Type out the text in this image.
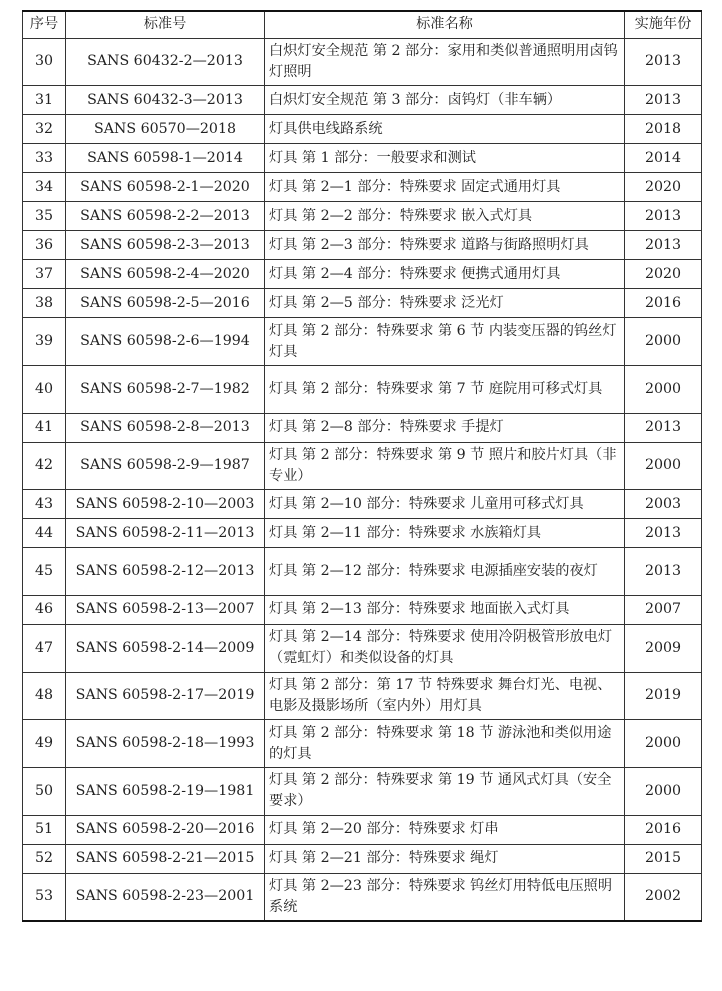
序号	标准号	标准名称	实施年份
30	SANS 60432-2—2013	白炽灯安全规范 第 2 部分：家用和类似普通照明用卤钨灯照明	2013
31	SANS 60432-3—2013	白炽灯安全规范 第 3 部分：卤钨灯（非车辆）	2013
32	SANS 60570—2018	灯具供电线路系统	2018
33	SANS 60598-1—2014	灯具 第 1 部分：一般要求和测试	2014
34	SANS 60598-2-1—2020	灯具 第 2—1 部分：特殊要求 固定式通用灯具	2020
35	SANS 60598-2-2—2013	灯具 第 2—2 部分：特殊要求 嵌入式灯具	2013
36	SANS 60598-2-3—2013	灯具 第 2—3 部分：特殊要求 道路与街路照明灯具	2013
37	SANS 60598-2-4—2020	灯具 第 2—4 部分：特殊要求 便携式通用灯具	2020
38	SANS 60598-2-5—2016	灯具 第 2—5 部分：特殊要求 泛光灯	2016
39	SANS 60598-2-6—1994	灯具 第 2 部分：特殊要求 第 6 节 内装变压器的钨丝灯灯具	2000
40	SANS 60598-2-7—1982	灯具 第 2 部分：特殊要求 第 7 节 庭院用可移式灯具	2000
41	SANS 60598-2-8—2013	灯具 第 2—8 部分：特殊要求 手提灯	2013
42	SANS 60598-2-9—1987	灯具 第 2 部分：特殊要求 第 9 节 照片和胶片灯具（非专业）	2000
43	SANS 60598-2-10—2003	灯具 第 2—10 部分：特殊要求 儿童用可移式灯具	2003
44	SANS 60598-2-11—2013	灯具 第 2—11 部分：特殊要求 水族箱灯具	2013
45	SANS 60598-2-12—2013	灯具 第 2—12 部分：特殊要求 电源插座安装的夜灯	2013
46	SANS 60598-2-13—2007	灯具 第 2—13 部分：特殊要求 地面嵌入式灯具	2007
47	SANS 60598-2-14—2009	灯具 第 2—14 部分：特殊要求 使用冷阴极管形放电灯（霓虹灯）和类似设备的灯具	2009
48	SANS 60598-2-17—2019	灯具 第 2 部分：第 17 节 特殊要求 舞台灯光、电视、电影及摄影场所（室内外）用灯具	2019
49	SANS 60598-2-18—1993	灯具 第 2 部分：特殊要求 第 18 节 游泳池和类似用途的灯具	2000
50	SANS 60598-2-19—1981	灯具 第 2 部分：特殊要求 第 19 节 通风式灯具（安全要求）	2000
51	SANS 60598-2-20—2016	灯具 第 2—20 部分：特殊要求 灯串	2016
52	SANS 60598-2-21—2015	灯具 第 2—21 部分：特殊要求 绳灯	2015
53	SANS 60598-2-23—2001	灯具 第 2—23 部分：特殊要求 钨丝灯用特低电压照明系统	2002
